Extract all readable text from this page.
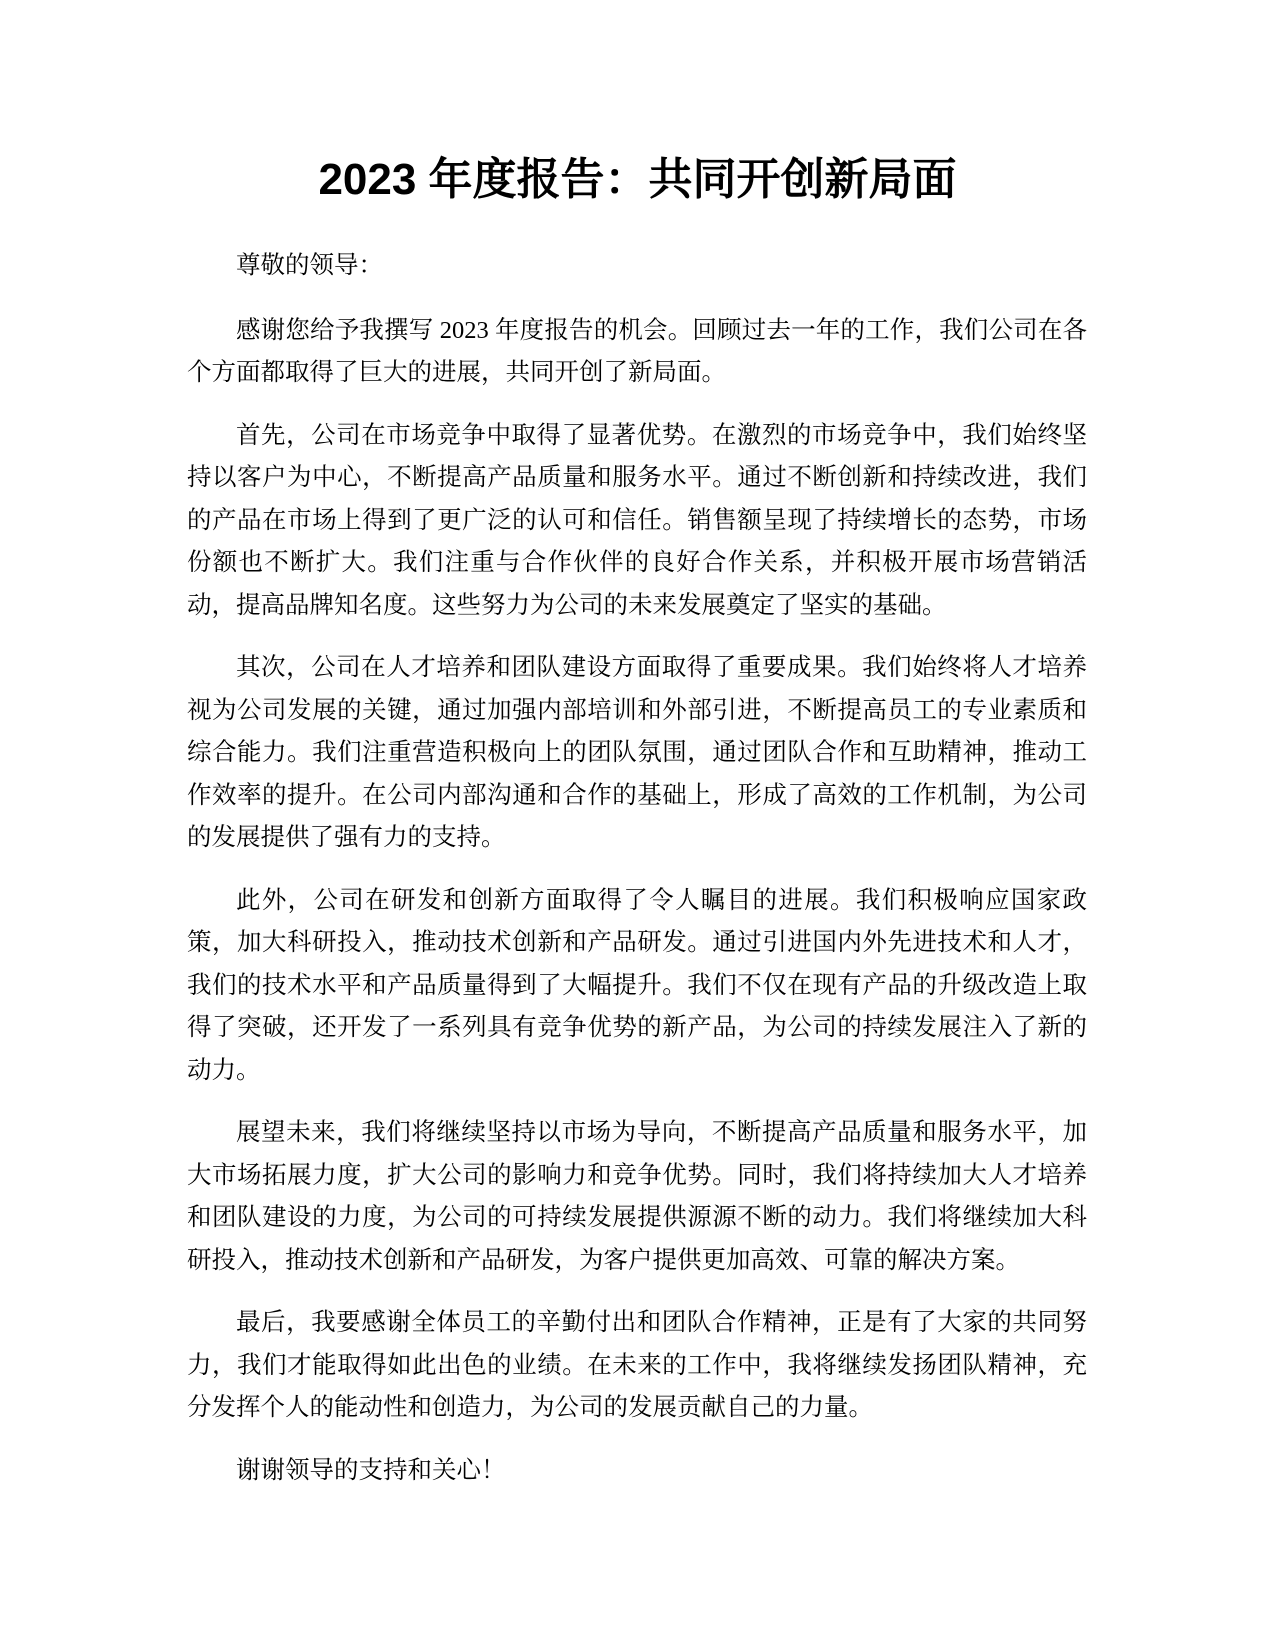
2023 年度报告：共同开创新局面

尊敬的领导：

感谢您给予我撰写 2023 年度报告的机会。回顾过去一年的工作，我们公司在各个方面都取得了巨大的进展，共同开创了新局面。

首先，公司在市场竞争中取得了显著优势。在激烈的市场竞争中，我们始终坚持以客户为中心，不断提高产品质量和服务水平。通过不断创新和持续改进，我们的产品在市场上得到了更广泛的认可和信任。销售额呈现了持续增长的态势，市场份额也不断扩大。我们注重与合作伙伴的良好合作关系，并积极开展市场营销活动，提高品牌知名度。这些努力为公司的未来发展奠定了坚实的基础。

其次，公司在人才培养和团队建设方面取得了重要成果。我们始终将人才培养视为公司发展的关键，通过加强内部培训和外部引进，不断提高员工的专业素质和综合能力。我们注重营造积极向上的团队氛围，通过团队合作和互助精神，推动工作效率的提升。在公司内部沟通和合作的基础上，形成了高效的工作机制，为公司的发展提供了强有力的支持。

此外，公司在研发和创新方面取得了令人瞩目的进展。我们积极响应国家政策，加大科研投入，推动技术创新和产品研发。通过引进国内外先进技术和人才，我们的技术水平和产品质量得到了大幅提升。我们不仅在现有产品的升级改造上取得了突破，还开发了一系列具有竞争优势的新产品，为公司的持续发展注入了新的动力。

展望未来，我们将继续坚持以市场为导向，不断提高产品质量和服务水平，加大市场拓展力度，扩大公司的影响力和竞争优势。同时，我们将持续加大人才培养和团队建设的力度，为公司的可持续发展提供源源不断的动力。我们将继续加大科研投入，推动技术创新和产品研发，为客户提供更加高效、可靠的解决方案。

最后，我要感谢全体员工的辛勤付出和团队合作精神，正是有了大家的共同努力，我们才能取得如此出色的业绩。在未来的工作中，我将继续发扬团队精神，充分发挥个人的能动性和创造力，为公司的发展贡献自己的力量。

谢谢领导的支持和关心！
